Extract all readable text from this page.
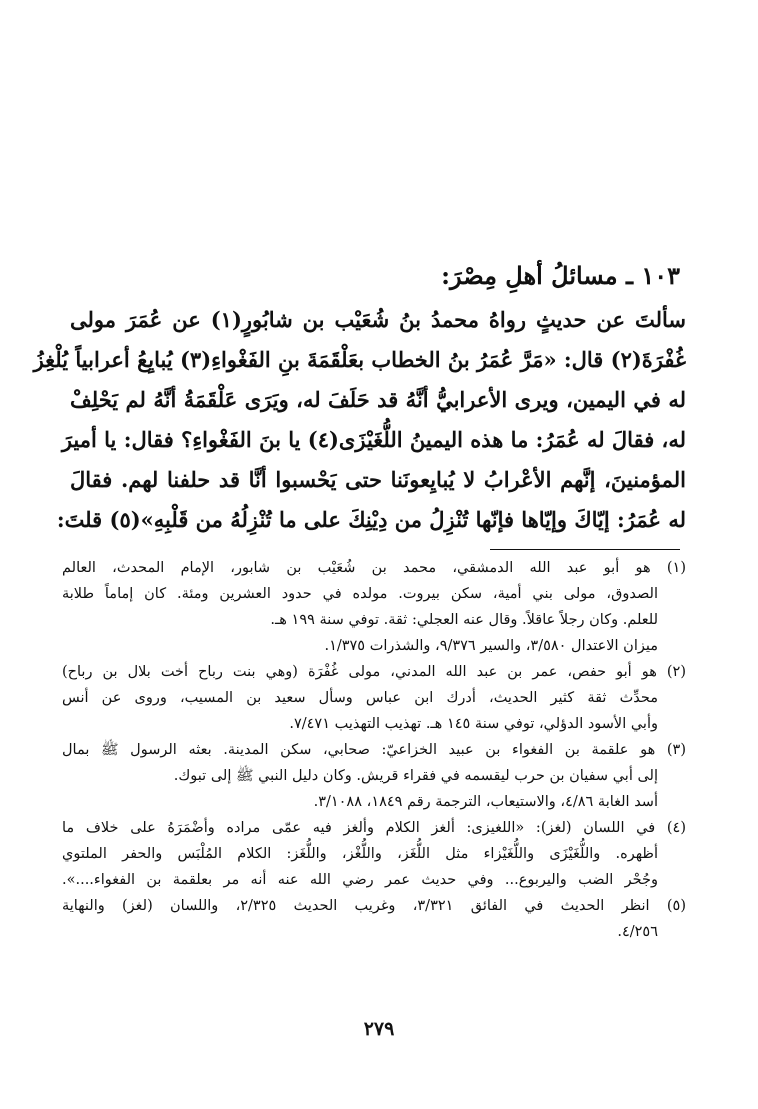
١٠٣ ـ مسائلُ أهلِ مِصْرَ:
سألتَ عن حديثٍ رواهُ محمدُ بنُ شُعَيْب بن شابُورٍ(١) عن عُمَرَ مولى
غُفْرَةَ(٢) قال: «مَرَّ عُمَرُ بنُ الخطاب بعَلْقَمَةَ بنِ الفَغْواءِ(٣) يُبايِعُ أعرابياً يُلْغِزُ
له في اليمين، ويرى الأعرابيُّ أنَّهُ قد حَلَفَ له، ويَرَى عَلْقَمَةُ أنَّهُ لم يَحْلِفْ
له، فقالَ له عُمَرُ: ما هذه اليمينُ اللُّغَيْزَى(٤) يا بنَ الفَغْواءِ؟ فقال: يا أميرَ
المؤمنينَ، إنَّهم الأعْرابُ لا يُبايِعونَنا حتى يَحْسبوا أنَّا قد حلفنا لهم. فقالَ
له عُمَرُ: إيّاكَ وإيّاها فإنّها تُنْزِلُ من دِيْنِكَ على ما تُنْزِلُهُ من قَلْبِهِ»(٥) قلتَ:
(١) هو أبو عبد الله الدمشقي، محمد بن شُعَيْب بن شابور، الإمام المحدث، العالم
الصدوق، مولى بني أمية، سكن بيروت. مولده في حدود العشرين ومئة. كان إماماً طلابة
للعلم. وكان رجلاً عاقلاً. وقال عنه العجلي: ثقة. توفي سنة ١٩٩ هـ.
ميزان الاعتدال ٣/٥٨٠، والسير ٩/٣٧٦، والشذرات ١/٣٧٥.
(٢) هو أبو حفص، عمر بن عبد الله المدني، مولى غُفْرَة (وهي بنت رباح أخت بلال بن رباح)
محدِّث ثقة كثير الحديث، أدرك ابن عباس وسأل سعيد بن المسيب، وروى عن أنس
وأبي الأسود الدؤلي، توفي سنة ١٤٥ هـ. تهذيب التهذيب ٧/٤٧١.
(٣) هو علقمة بن الفغواء بن عبيد الخزاعيّ: صحابي، سكن المدينة. بعثه الرسول ﷺ بمال
إلى أبي سفيان بن حرب ليقسمه في فقراء قريش. وكان دليل النبي ﷺ إلى تبوك.
أسد الغابة ٤/٨٦، والاستيعاب، الترجمة رقم ١٨٤٩، ٣/١٠٨٨.
(٤) في اللسان (لغز): «اللغيزى: ألغز الكلام وألغز فيه عمّى مراده وأضْمَرَهُ على خلاف ما
أظهره. واللُّغَيْزَى واللُّغَيْزاء مثل اللُّغَز، واللُّغْز، واللُّغَز: الكلام المُلْبَس والحفر الملتوي
وجُحْر الضب واليربوع... وفي حديث عمر رضي الله عنه أنه مر بعلقمة بن الفغواء....».
(٥) انظر الحديث في الفائق ٣/٣٢١، وغريب الحديث ٢/٣٢٥، واللسان (لغز) والنهاية
٤/٢٥٦.
٢٧٩
